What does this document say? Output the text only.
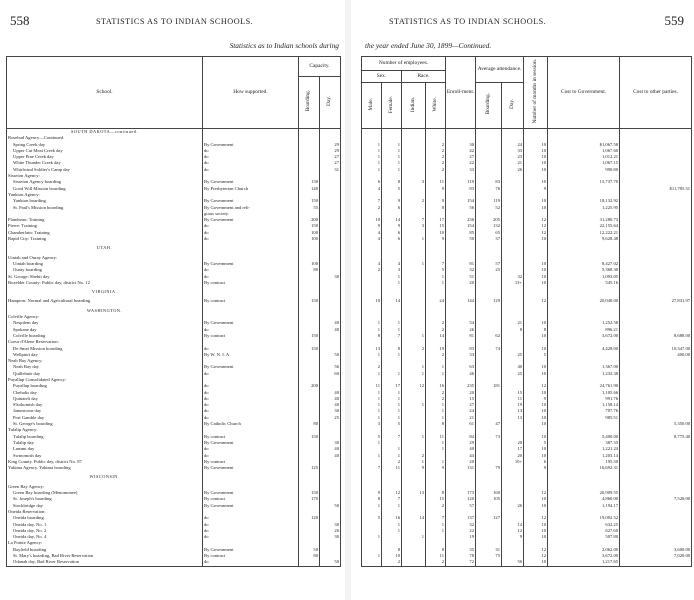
558	STATISTICS AS TO INDIAN SCHOOLS.
Statistics as to Indian schools during
School.	How supported.	Capacity.	
		Boarding.	Day.
SOUTH DAKOTA—continued.			
Rosebud Agency—Continued.			
Spring Creek day	By Government		29
Upper Cut Meat Creek day	do		29
Upper Pine Creek day	do		27
White Thunder Creek day	do		27
Whirlwind Soldier's Camp day	do		31
Sisseton Agency:			
Sisseton Agency boarding	By Government	130	
Good Will Mission boarding	By Presbyterian Church	140	
Yankton Agency:			
Yankton boarding	By Government	150	
St. Paul's Mission boarding	By Government and reli-	55	
	gious society.		
Flandreau: Training	By Government	200	
Pierre: Training	do	150	
Chamberlain: Training	do	100	
Rapid City: Training	do	100	

UTAH.			

Uintah and Ouray Agency:			
Uintah boarding	By Government	100	
Ouray boarding	do	80	
St. George: Shebit day	do		30
Boxelder County: Public day, district No. 12	By contract		

VIRGINIA.			

Hampton: Normal and Agricultural boarding	By contract	150	

WASHINGTON.			
Colville Agency:			
Nespilem day	By Government		40
Spokane day	do		40
Colville boarding	By contract	150	
Coeur d'Alene Reservation:			
De Smet Mission boarding	do	150	
Wellpinit day	By W. N. I. A		50
Neah Bay Agency:			
Neah Bay day	By Government		56
Quillehute day	do		60
Puyallup Consolidated Agency:			
Puyallup boarding	do	200	
Chehalis day	do		40
Quinaielt day	do		40
S'kokomish day	do		40
Jamestown day	do		30
Port Gamble day	do		25
St. George's boarding	By Catholic Church	80	
Tulalip Agency:			
Tulalip boarding	By contract	150	
Tulalip day	By Government		30
Lummi day	do		40
Swinomish day	do		40
King County. Public day, district No. 87	By contract		
Yakima Agency. Yakima boarding	By Government	125	

WISCONSIN.			

Green Bay Agency:			
Green Bay boarding (Menomonee)	By Government	150	
St. Joseph's boarding	By contract	170	
Stockbridge day	By Government		50
Oneida Reservation:			
Oneida boarding	do	120	
Oneida day, No. 1	do		30
Oneida day, No. 2	do		26
Oneida day, No. 4	do		30
La Pointe Agency:			
Bayfield boarding	By Government	50	
St. Mary's boarding, Bad River Reservation	By contract	80	
Odanah day, Bad River Reservation	do		50
559
STATISTICS AS TO INDIAN SCHOOLS.
the year ended June 30, 1899—Continued.
Number of employees.				Enroll-ment.	Average attendance.		Number of months in session.	Cost to Government.	Cost to other parties.
Sex.		Race.							
Male.	Female.	Indian.	White.		Boarding.	Day.			

1	1		2	30		24	10	$1,067.58	
1	1		2	42		33	10	1,067.60	
1	1		2	27		23	10	1,012.21	
1	1		2	22		21	10	1,067.15	
1	1		2	33		26	10	990.80	

6	8	3	11	119	83		10	15,737.70	
4	5		9	83	76		9		$11,785.31

7	9	2	9	154	119		10	18,132.92	
2	6		8	56	52		10	1,225.95	

10	14	7	17	236	205		12	31,280.73	
9	9	3	15	154	132		12	22,155.64	
4	6		10	85	65		12	12,222.21	
4	6	1	9	50	37		10	9,628.48	

4	4	1	7	81	57		10	8,427.02	
2	3		5	32	25		10	5,368.30	
	1		1	51		32	10	1,093.05	
	1		1	20		13+	10	545.16	

10	14		24	144	129		12	20,040.00	27,831.97

1	1		2	54		21	10	1,252.58	
1	1		2	26		8	8	896.21	
8	7	1	14	81	62		10	3,672.00	8,688.00

13	8	2	19	83	74		10	4,428.00	10,347.00
1	1		2	33		25	5		400.00

2		1	1	63		40	10	1,367.00	
1	1	1	1	46		25	10	1,232.38	

11	17	12	16	235	181		12	24,761.90	
1	1		2	20		15	10	1,105.66	
1	1		2	15		11	9	991.76	
1	1	1	1	27		19	10	1,158.14	
1	1		1	24		13	10	707.76	
1	1		1	21		13	10	985.51	
3	5		8	61	47		10		5,350.00

5	7	1	11	84	73		10	5,400.00	8,775.40
1			1	29		20	5	387.35	
	1		1	40		17	10	1,221.24	
1	1	2		44		20	10	1,203.14	
	2	1	1	20		10+	6	195.30	
7	11	9	9	131	79		9	16,692.31	

9	12	13	8	173	160		12	20,909.55	
8	7		15	120	105		10	4,860.00	7,526.00
1	1		2	57		26	10	1,194.17	

5	16	14	7	137	127		12	19,002.52	
	1		1	32		14	10	632.25	
	1		1	22		12	10	627.60	
1		1		19		9	10	507.80	

	8		8	35	31		12	2,062.00	3,600.00
1	10		11	78	75		12	3,672.00	7,020.00
	2		2	72		56	10	1,217.65	
